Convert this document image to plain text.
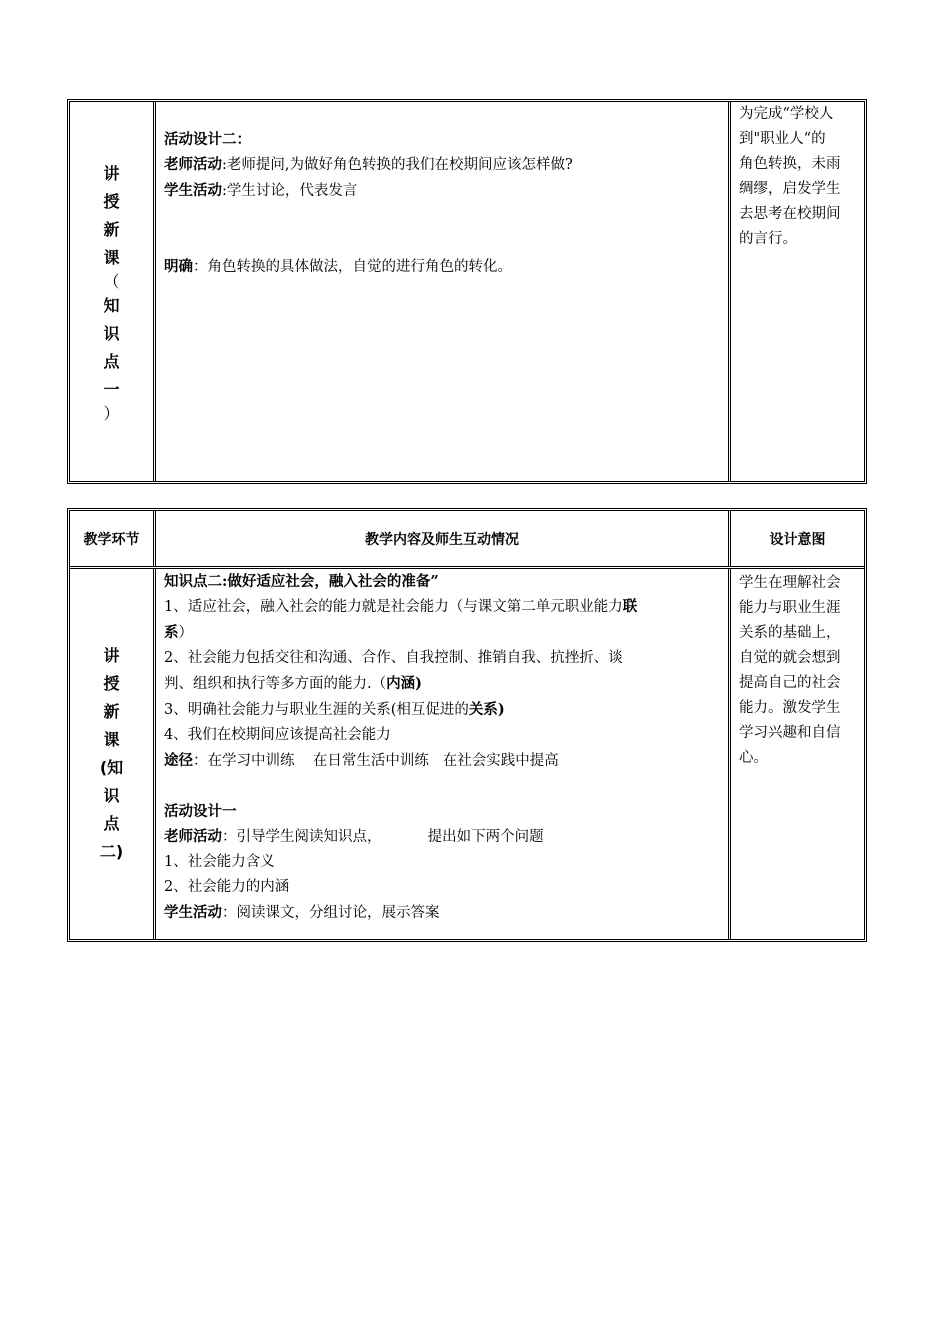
讲
授
新
课
（
知
识
点
一
）

活动设计二：

老师活动:老师提问,为做好角色转换的我们在校期间应该怎样做?

学生活动:学生讨论，代表发言

明确：角色转换的具体做法，自觉的进行角色的转化。

为完成“学校人

到"职业人“的

角色转换，未雨

绸缪，启发学生

去思考在校期间

的言行。

教学环节	教学内容及师生互动情况	设计意图
讲
授
新
课
(知
识
点
二)

知识点二:做好适应社会，融入社会的准备”

1、适应社会，融入社会的能力就是社会能力（与课文第二单元职业能力联

系）

2、社会能力包括交往和沟通、合作、自我控制、推销自我、抗挫折、谈

判、组织和执行等多方面的能力.（内涵)

3、明确社会能力与职业生涯的关系(相互促进的关系)

4、我们在校期间应该提高社会能力

途径：在学习中训练    在日常生活中训练   在社会实践中提高

活动设计一

老师活动：引导学生阅读知识点，          提出如下两个问题

1、社会能力含义

2、社会能力的内涵

学生活动：阅读课文，分组讨论，展示答案

学生在理解社会

能力与职业生涯

关系的基础上，

自觉的就会想到

提高自己的社会

能力。激发学生

学习兴趣和自信

心。
